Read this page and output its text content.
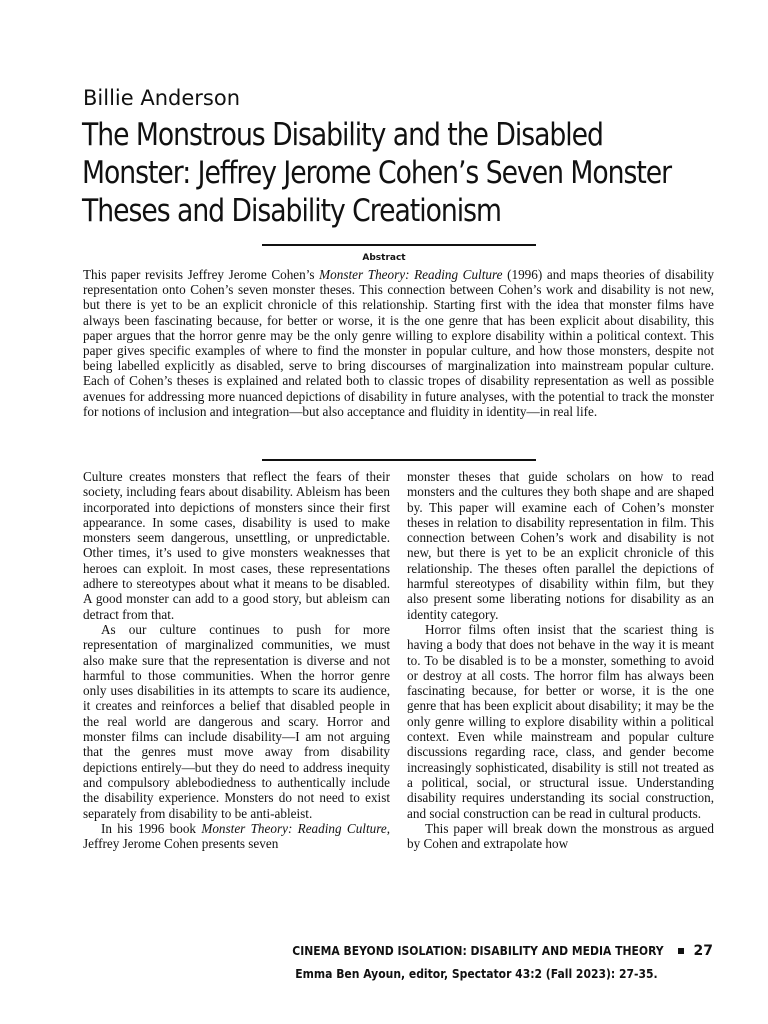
Billie Anderson
The Monstrous Disability and the Disabled
Monster: Jeffrey Jerome Cohen’s Seven Monster
Theses and Disability Creationism
Abstract

This paper revisits Jeffrey Jerome Cohen’s Monster Theory: Reading Culture (1996) and maps theories of disability representation onto Cohen’s seven monster theses. This connection between Cohen’s work and disability is not new, but there is yet to be an explicit chronicle of this relationship. Starting first with the idea that monster films have always been fascinating because, for better or worse, it is the one genre that has been explicit about disability, this paper argues that the horror genre may be the only genre willing to explore disability within a political context. This paper gives specific examples of where to find the monster in popular culture, and how those monsters, despite not being labelled explicitly as disabled, serve to bring discourses of marginalization into mainstream popular culture. Each of Cohen’s theses is explained and related both to classic tropes of disability representation as well as possible avenues for addressing more nuanced depictions of disability in future analyses, with the potential to track the monster for notions of inclusion and integration—but also acceptance and fluidity in identity—in real life.

Culture creates monsters that reflect the fears of their society, including fears about disability. Ableism has been incorporated into depictions of monsters since their first appearance. In some cases, disability is used to make monsters seem dangerous, unsettling, or unpredictable. Other times, it’s used to give monsters weaknesses that heroes can exploit. In most cases, these representations adhere to stereotypes about what it means to be disabled. A good monster can add to a good story, but ableism can detract from that.

As our culture continues to push for more representation of marginalized communities, we must also make sure that the representation is diverse and not harmful to those communities. When the horror genre only uses disabilities in its attempts to scare its audience, it creates and reinforces a belief that disabled people in the real world are dangerous and scary. Horror and monster films can include disability—I am not arguing that the genres must move away from disability depictions entirely—but they do need to address inequity and compulsory ablebodiedness to authentically include the disability experience. Monsters do not need to exist separately from disability to be anti-ableist.

In his 1996 book Monster Theory: Reading Culture, Jeffrey Jerome Cohen presents seven

monster theses that guide scholars on how to read monsters and the cultures they both shape and are shaped by. This paper will examine each of Cohen’s monster theses in relation to disability representation in film. This connection between Cohen’s work and disability is not new, but there is yet to be an explicit chronicle of this relationship. The theses often parallel the depictions of harmful stereotypes of disability within film, but they also present some liberating notions for disability as an identity category.

Horror films often insist that the scariest thing is having a body that does not behave in the way it is meant to. To be disabled is to be a monster, something to avoid or destroy at all costs. The horror film has always been fascinating because, for better or worse, it is the one genre that has been explicit about disability; it may be the only genre willing to explore disability within a political context. Even while mainstream and popular culture discussions regarding race, class, and gender become increasingly sophisticated, disability is still not treated as a political, social, or structural issue. Understanding disability requires understanding its social construction, and social construction can be read in cultural products.

This paper will break down the monstrous as argued by Cohen and extrapolate how

CINEMA BEYOND ISOLATION: DISABILITY AND MEDIA THEORY 27
Emma Ben Ayoun, editor, Spectator 43:2 (Fall 2023): 27-35.
